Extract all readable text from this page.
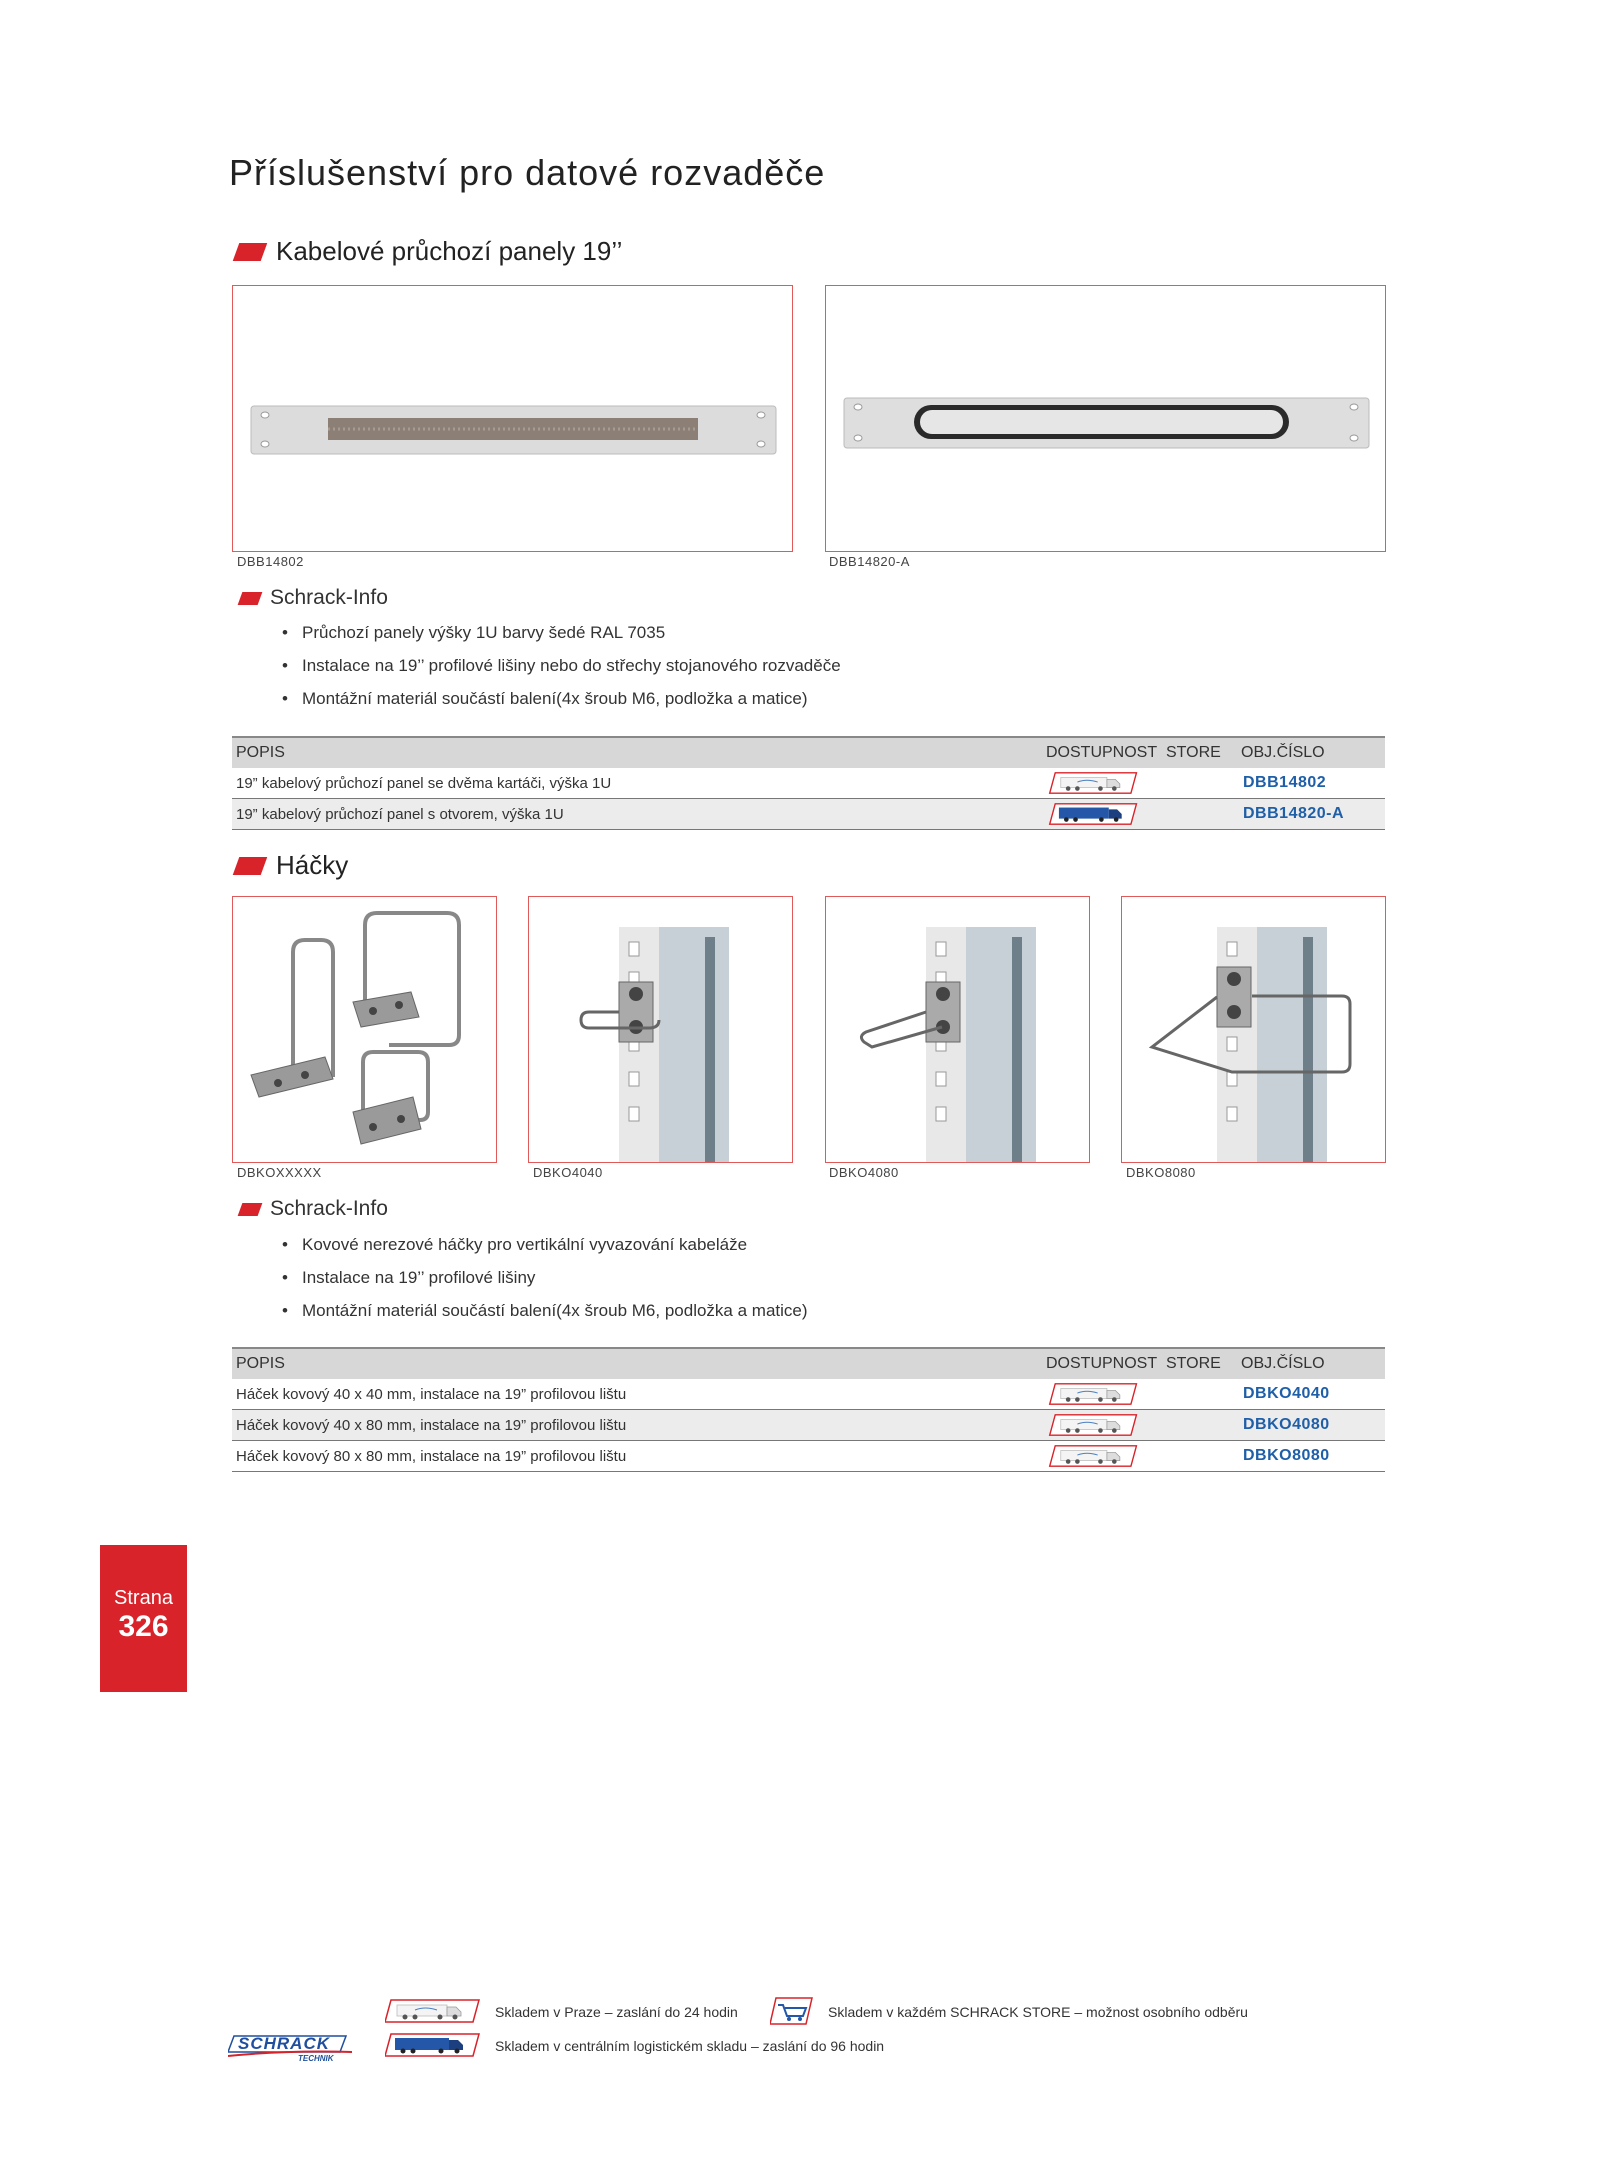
Příslušenství pro datové rozvaděče
Kabelové průchozí panely 19’’
DBB14802	DBB14820-A
Schrack-Info
• Průchozí panely výšky 1U barvy šedé RAL 7035
• Instalace na 19’’ profilové lišiny nebo do střechy stojanového rozvaděče
• Montážní materiál součástí balení(4x šroub M6, podložka a matice)
POPIS	DOSTUPNOST	STORE	OBJ.ČÍSLO
19” kabelový průchozí panel se dvěma kartáči, výška 1U			DBB14802
19” kabelový průchozí panel s otvorem, výška 1U			DBB14820-A
Háčky
DBKOXXXXX	DBKO4040	DBKO4080	DBKO8080
Schrack-Info
• Kovové nerezové háčky pro vertikální vyvazování kabeláže
• Instalace na 19’’ profilové lišiny
• Montážní materiál součástí balení(4x šroub M6, podložka a matice)
POPIS	DOSTUPNOST	STORE	OBJ.ČÍSLO
Háček kovový 40 x 40 mm, instalace na 19” profilovou lištu			DBKO4040
Háček kovový 40 x 80 mm, instalace na 19” profilovou lištu			DBKO4080
Háček kovový 80 x 80 mm, instalace na 19” profilovou lištu			DBKO8080
Strana
326
SCHRACK
TECHNIK
Skladem v Praze – zaslání do 24 hodin	Skladem v každém SCHRACK STORE – možnost osobního odběru
Skladem v centrálním logistickém skladu – zaslání do 96 hodin
